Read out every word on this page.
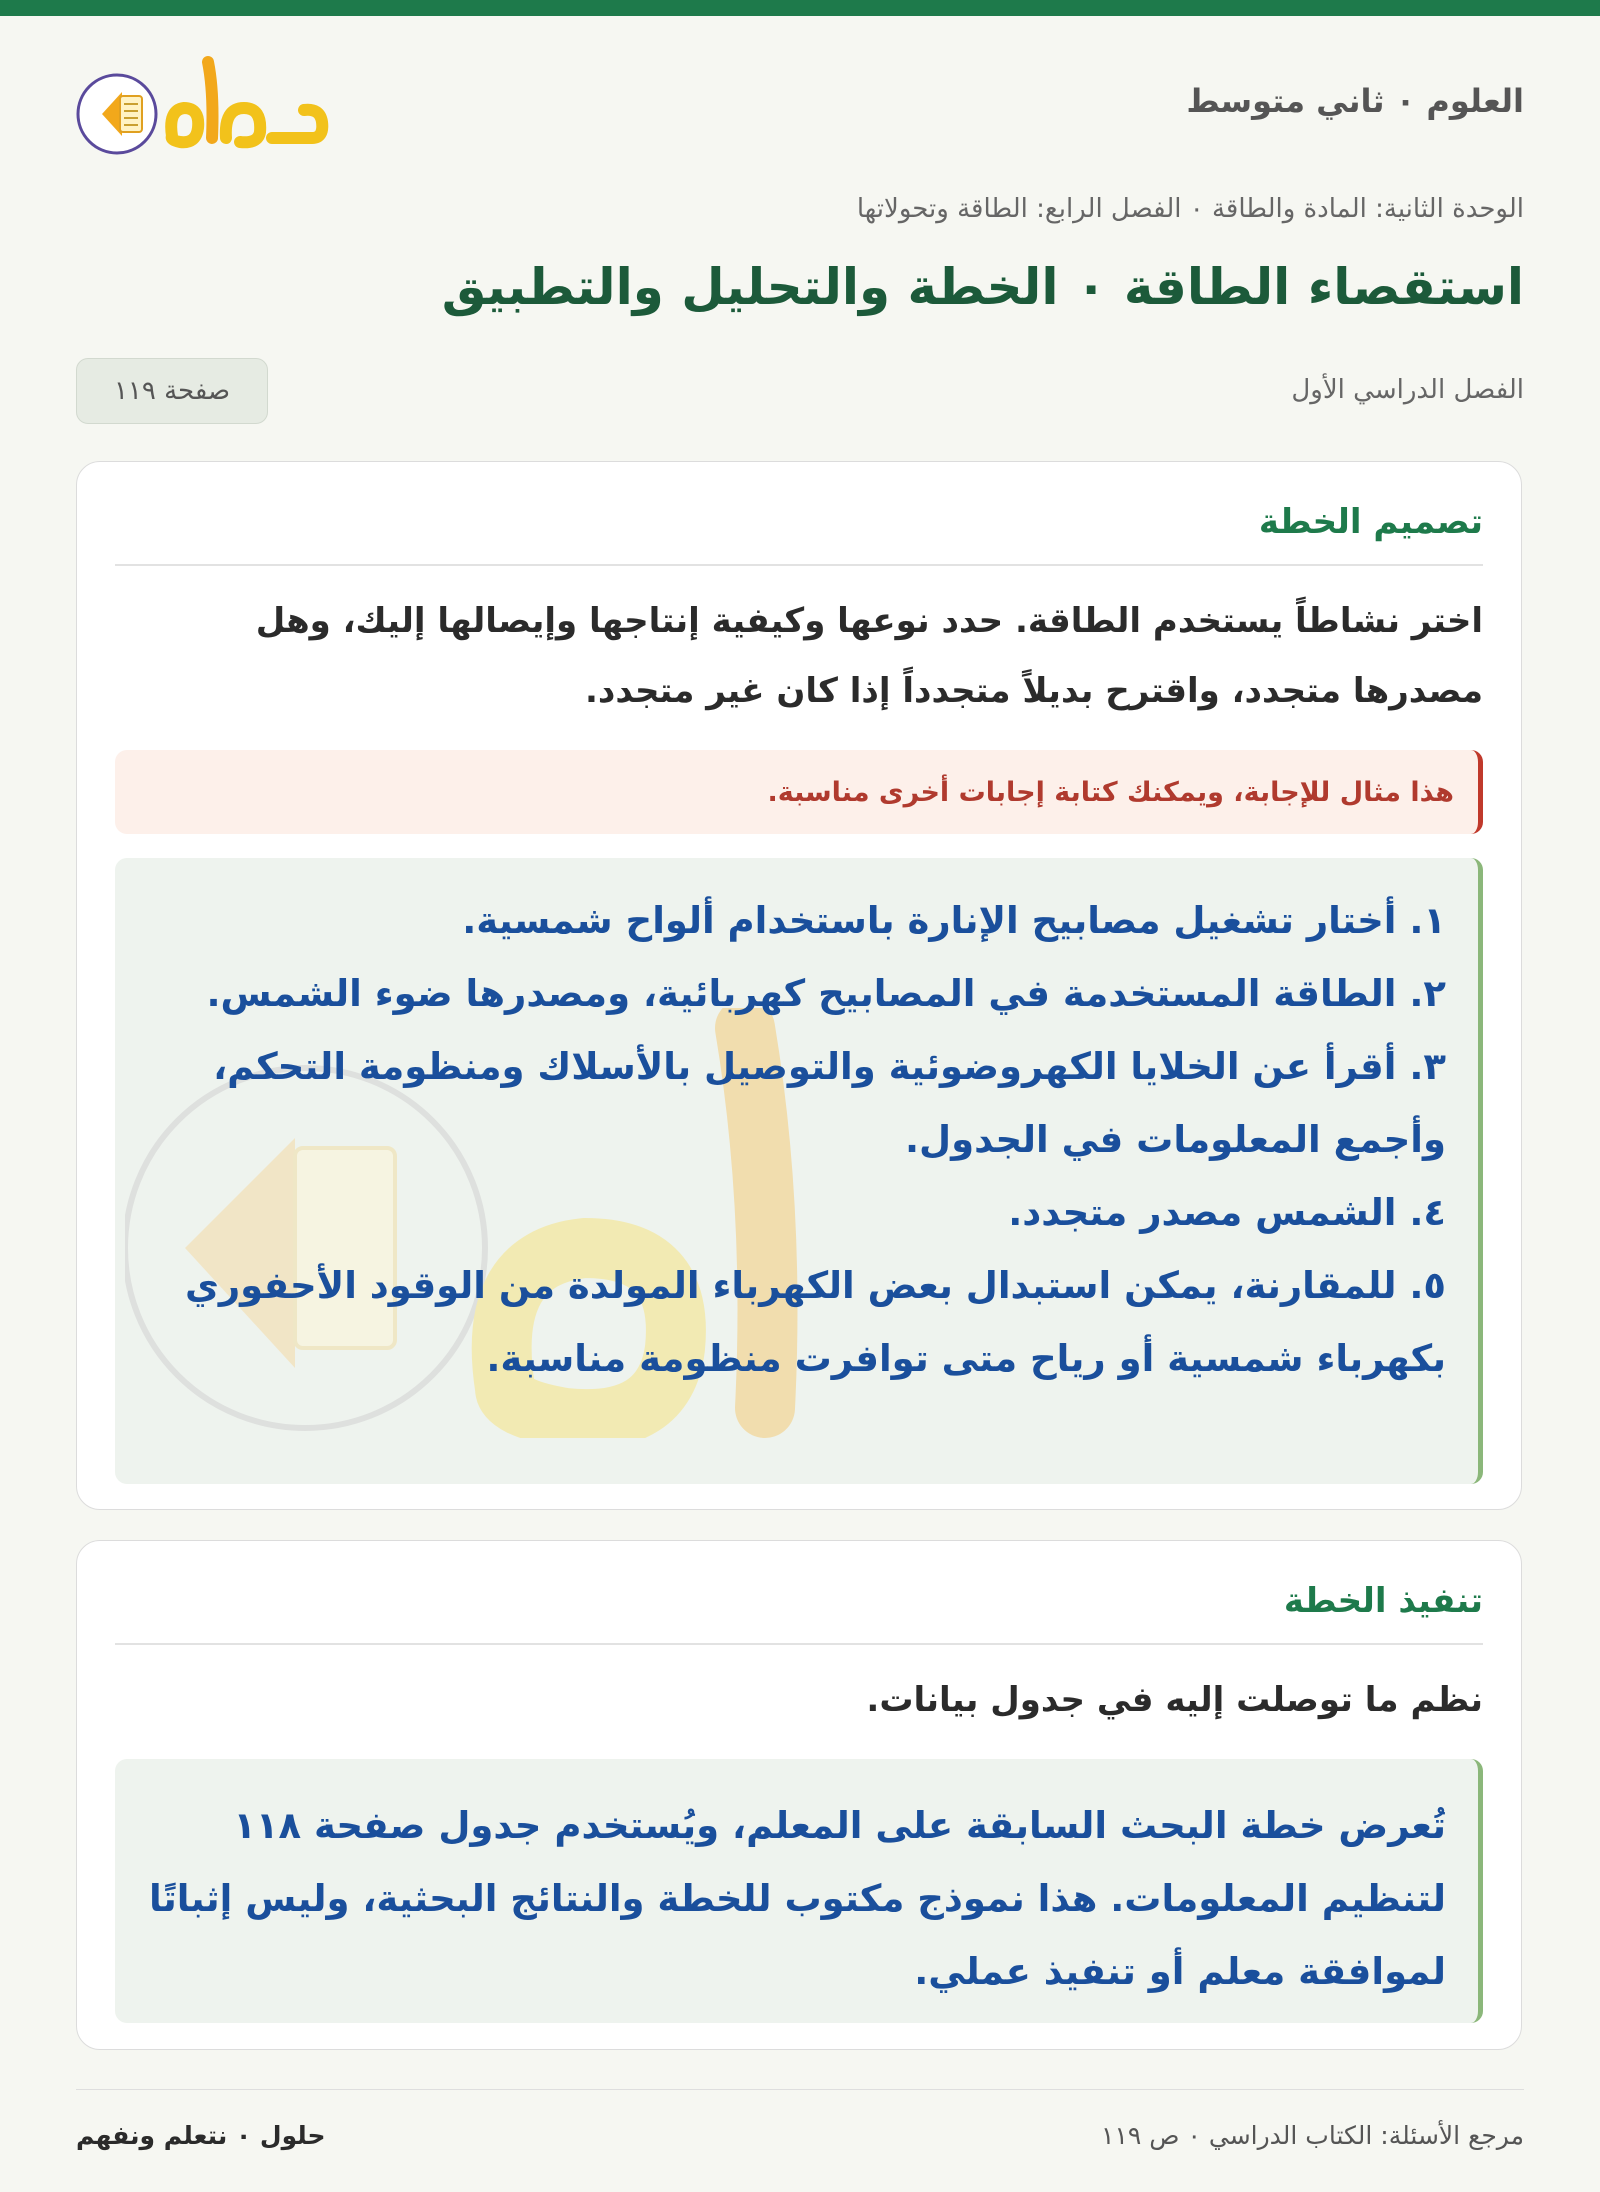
العلوم ٠ ثاني متوسط
الوحدة الثانية: المادة والطاقة ٠ الفصل الرابع: الطاقة وتحولاتها
استقصاء الطاقة ٠ الخطة والتحليل والتطبيق
الفصل الدراسي الأول
صفحة ١١٩
تصميم الخطة
اختر نشاطاً يستخدم الطاقة. حدد نوعها وكيفية إنتاجها وإيصالها إليك، وهل مصدرها متجدد، واقترح بديلاً متجدداً إذا كان غير متجدد.
هذا مثال للإجابة، ويمكنك كتابة إجابات أخرى مناسبة.
١. أختار تشغيل مصابيح الإنارة باستخدام ألواح شمسية.
٢. الطاقة المستخدمة في المصابيح كهربائية، ومصدرها ضوء الشمس.
٣. أقرأ عن الخلايا الكهروضوئية والتوصيل بالأسلاك ومنظومة التحكم، وأجمع المعلومات في الجدول.
٤. الشمس مصدر متجدد.
٥. للمقارنة، يمكن استبدال بعض الكهرباء المولدة من الوقود الأحفوري بكهرباء شمسية أو رياح متى توافرت منظومة مناسبة.
تنفيذ الخطة
نظم ما توصلت إليه في جدول بيانات.
تُعرض خطة البحث السابقة على المعلم، ويُستخدم جدول صفحة ١١٨ لتنظيم المعلومات. هذا نموذج مكتوب للخطة والنتائج البحثية، وليس إثباتًا لموافقة معلم أو تنفيذ عملي.
حلول ٠ نتعلم ونفهم	مرجع الأسئلة: الكتاب الدراسي ٠ ص ١١٩
